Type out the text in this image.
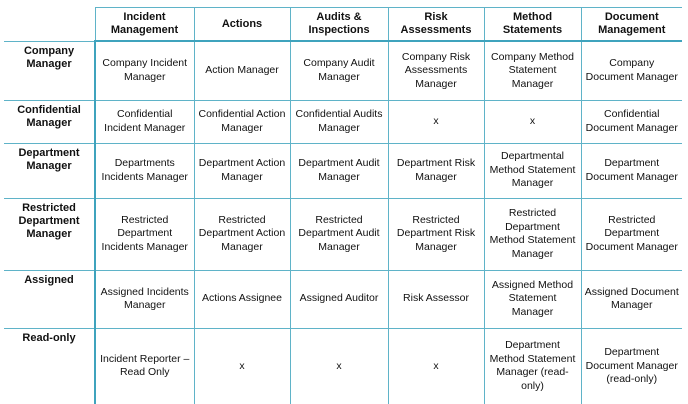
	Incident Management	Actions	Audits & Inspections	Risk Assessments	Method Statements	Document Management
Company Manager	Company Incident Manager	Action Manager	Company Audit Manager	Company Risk Assessments Manager	Company Method Statement Manager	Company Document Manager
Confidential Manager	Confidential Incident Manager	Confidential Action Manager	Confidential Audits Manager	x	x	Confidential Document Manager
Department Manager	Departments Incidents Manager	Department Action Manager	Department Audit Manager	Department Risk Manager	Departmental Method Statement Manager	Department Document Manager
Restricted Department Manager	Restricted Department Incidents Manager	Restricted Department Action Manager	Restricted Department Audit Manager	Restricted Department Risk Manager	Restricted Department Method Statement Manager	Restricted Department Document Manager
Assigned	Assigned Incidents Manager	Actions Assignee	Assigned Auditor	Risk Assessor	Assigned Method Statement Manager	Assigned Document Manager
Read-only	Incident Reporter – Read Only	x	x	x	Department Method Statement Manager (read-only)	Department Document Manager (read-only)
